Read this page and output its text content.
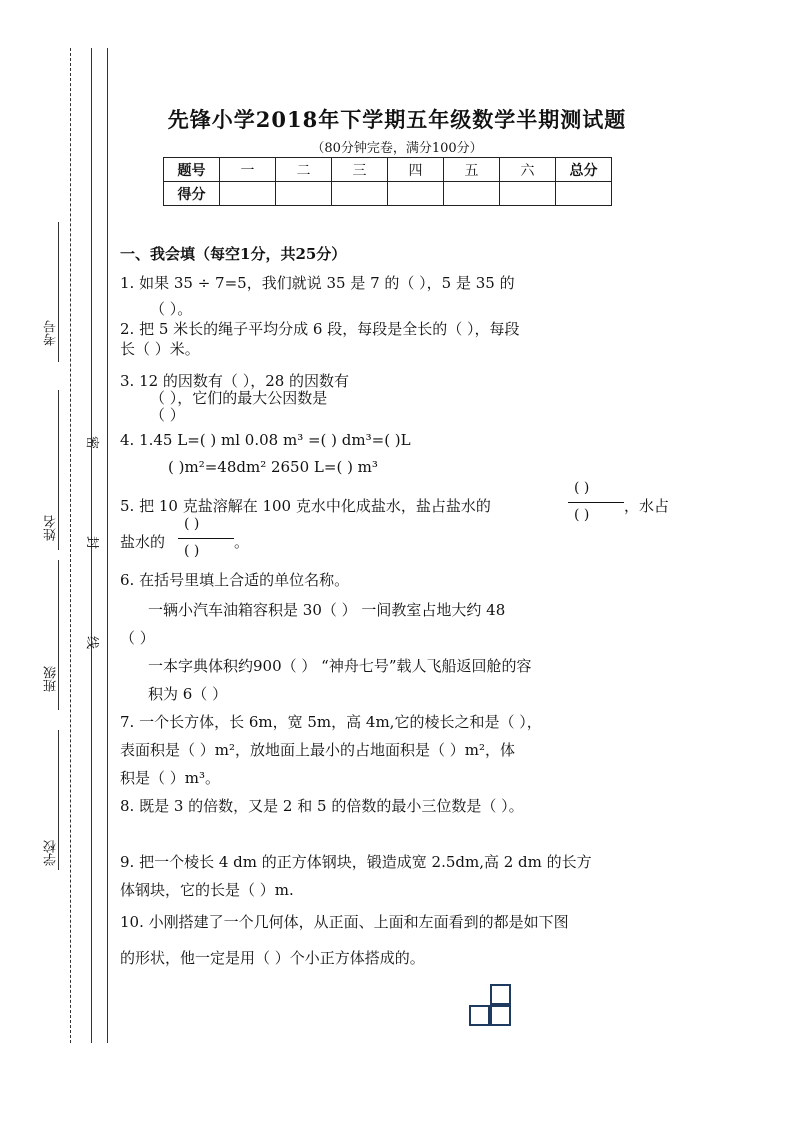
考号
姓名
班级
学校
密
封
线
先锋小学2018年下学期五年级数学半期测试题
（80分钟完卷，满分100分）
题号	一	二	三	四	五	六	总分
得分							
一、我会填（每空1分，共25分）
1. 如果 35 ÷ 7=5，我们就说 35 是 7 的（ ），5 是 35 的
（ ）。
2. 把 5 米长的绳子平均分成 6 段，每段是全长的（ ），每段
长（ ）米。
3. 12 的因数有（ ），28 的因数有
（ ），它们的最大公因数是
（ ）
4. 1.45 L=( ) ml 0.08 m³ =( ) dm³=( )L
( )m²=48dm² 2650 L=( ) m³
5. 把 10 克盐溶解在 100 克水中化成盐水，盐占盐水的
( )
( ) ，水占
盐水的
( )
( ) 。
6. 在括号里填上合适的单位名称。
一辆小汽车油箱容积是 30（ ） 一间教室占地大约 48
（ ）
一本字典体积约900（ ） “神舟七号”载人飞船返回舱的容
积为 6（ ）
7. 一个长方体，长 6m，宽 5m，高 4m,它的棱长之和是（ ），
表面积是（ ）m²，放地面上最小的占地面积是（ ）m²，体
积是（ ）m³。
8. 既是 3 的倍数，又是 2 和 5 的倍数的最小三位数是（ ）。
9. 把一个棱长 4 dm 的正方体钢块，锻造成宽 2.5dm,高 2 dm 的长方
体钢块，它的长是（ ）m.
10. 小刚搭建了一个几何体，从正面、上面和左面看到的都是如下图
的形状，他一定是用（ ）个小正方体搭成的。
